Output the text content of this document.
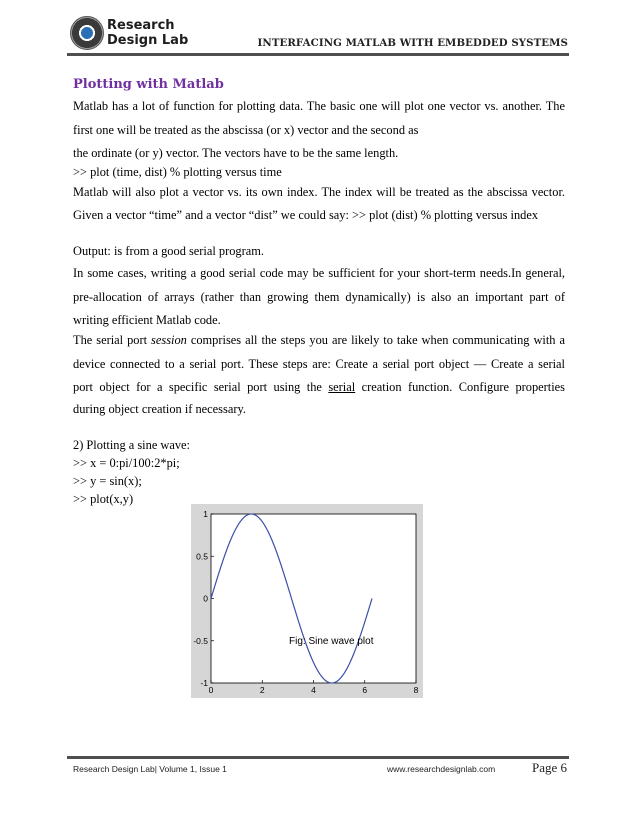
Research
Design Lab	INTERFACING MATLAB WITH EMBEDDED SYSTEMS
Plotting with Matlab
Matlab has a lot of function for plotting data. The basic one will plot one vector vs. another. The
first one will be treated as the abscissa (or x) vector and the second as
the ordinate (or y) vector. The vectors have to be the same length.
>> plot (time, dist) % plotting versus time
Matlab will also plot a vector vs. its own index. The index will be treated as the abscissa vector.
Given a vector “time” and a vector “dist” we could say: >> plot (dist) % plotting versus index
Output: is from a good serial program.
In some cases, writing a good serial code may be sufficient for your short-term needs.In general,
pre-allocation of arrays (rather than growing them dynamically) is also an important part of
writing efficient Matlab code.
The serial port session comprises all the steps you are likely to take when communicating with a
device connected to a serial port. These steps are: Create a serial port object — Create a serial
port object for a specific serial port using the serial creation function. Configure properties
during object creation if necessary.
2) Plotting a sine wave:
>> x = 0:pi/100:2*pi;
>> y = sin(x);
>> plot(x,y)
0	2	4	6	8
1
0.5
0
-0.5
-1
Fig: Sine wave plot
Research Design Lab| Volume 1, Issue 1	www.researchdesignlab.com	Page 6
